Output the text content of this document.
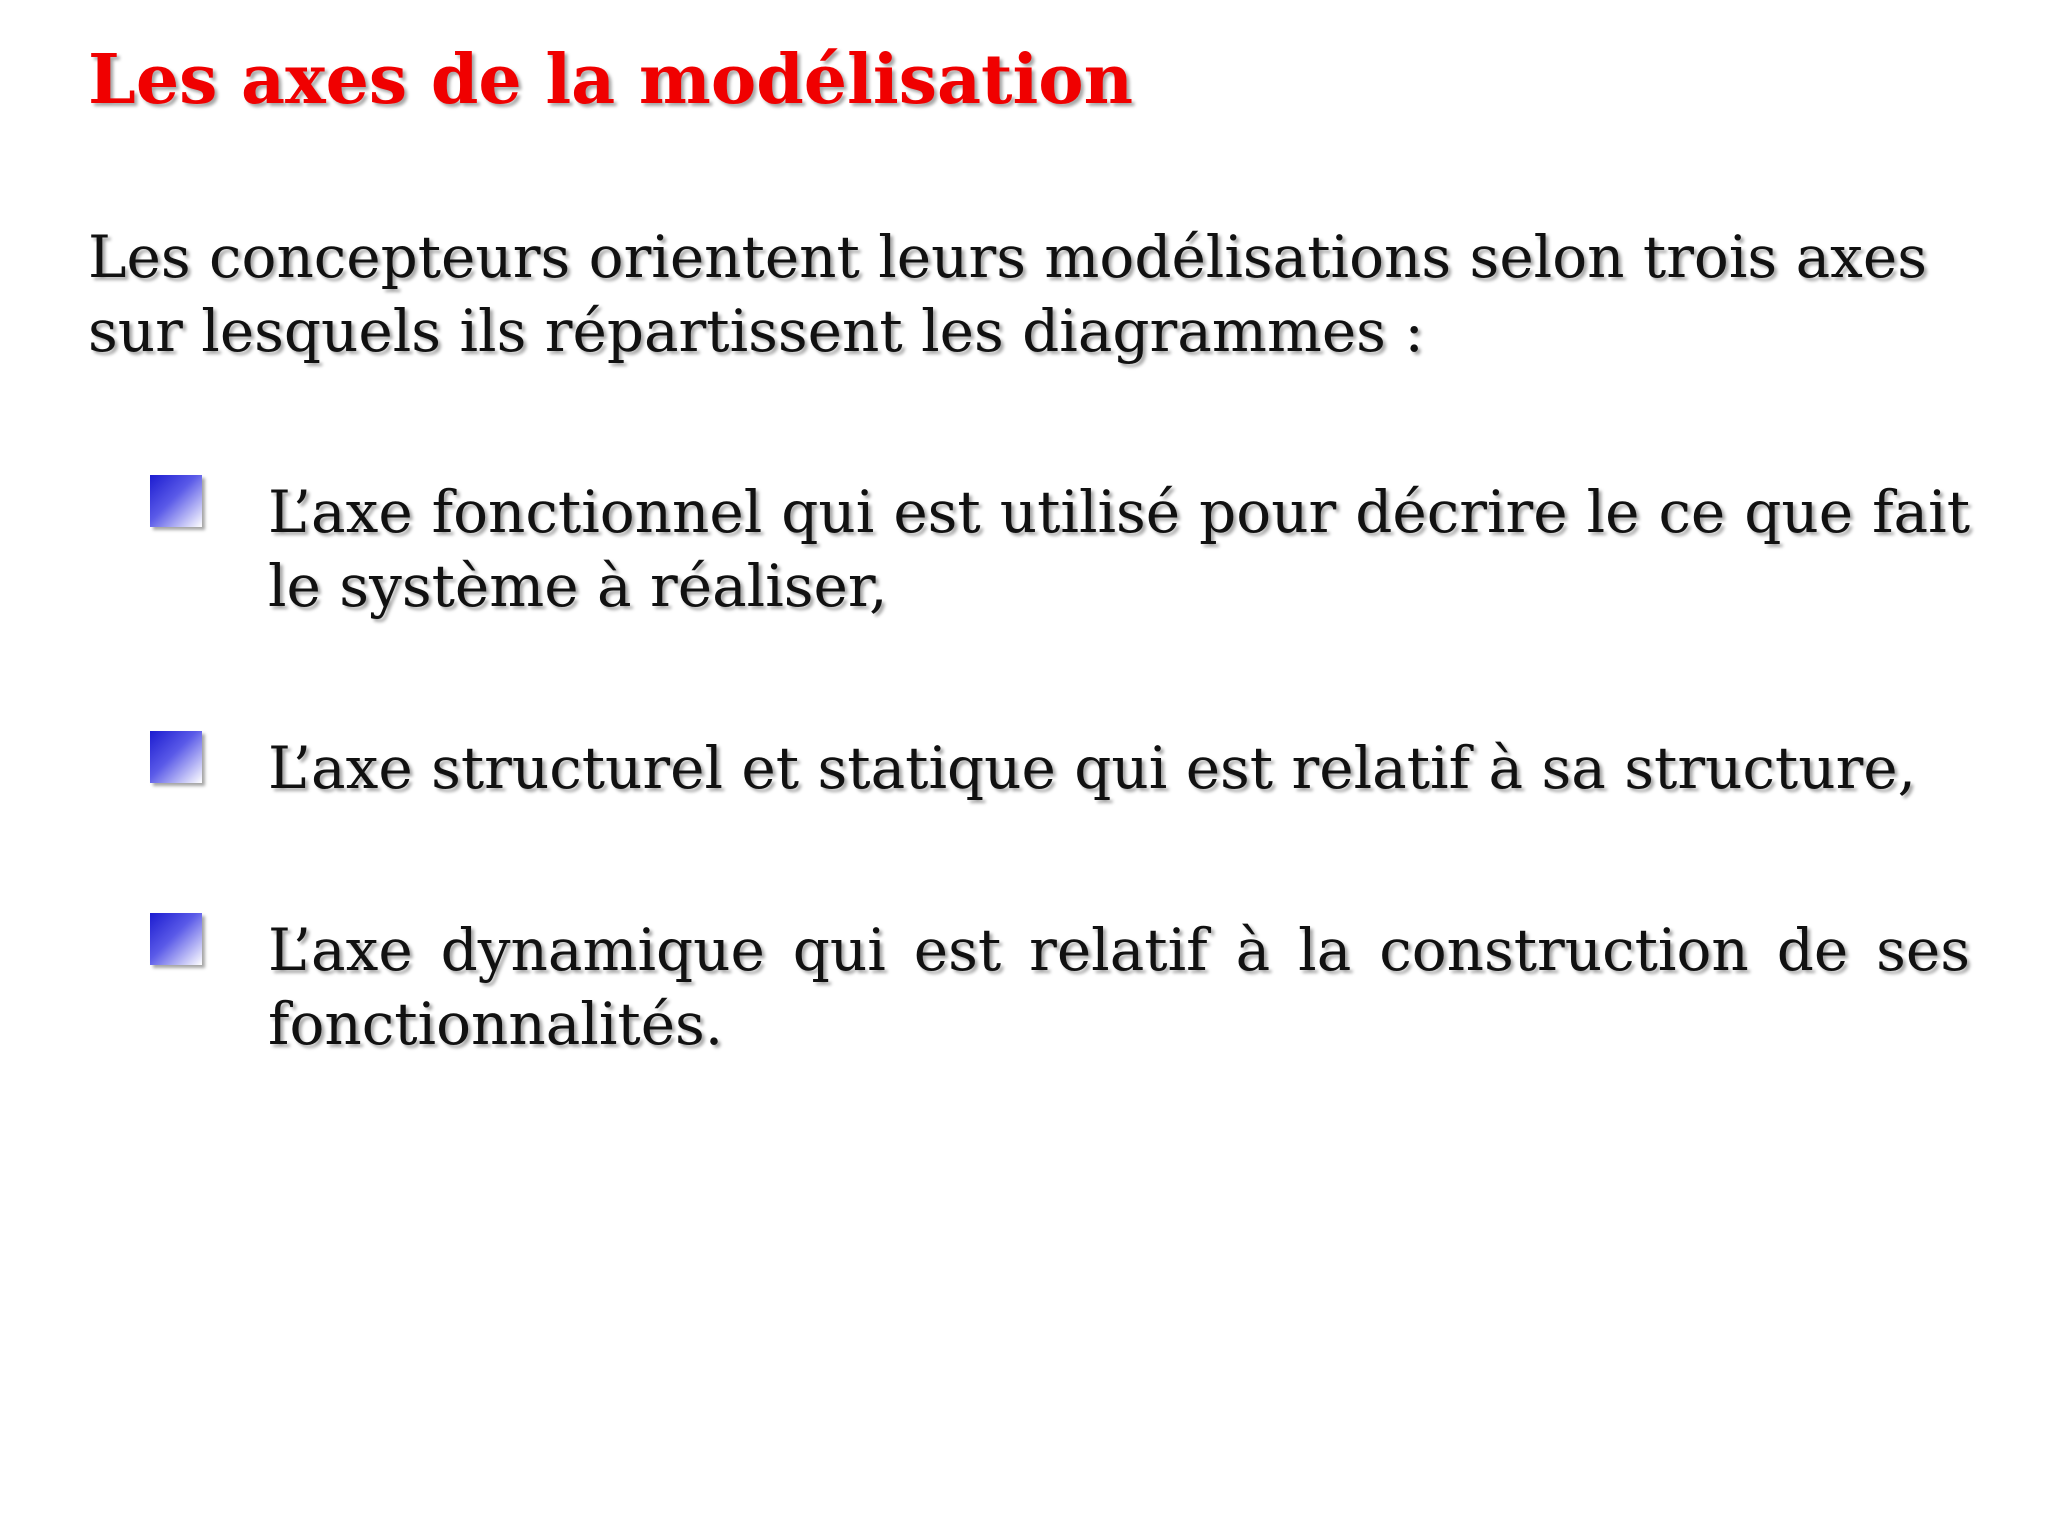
Les axes de la modélisation

Les concepteurs orientent leurs modélisations selon trois axes sur lesquels ils répartissent les diagrammes :

L’axe fonctionnel qui est utilisé pour décrire le ce que fait le système à réaliser,
L’axe structurel et statique qui est relatif à sa structure,
L’axe dynamique qui est relatif à la construction de ses fonctionnalités.
